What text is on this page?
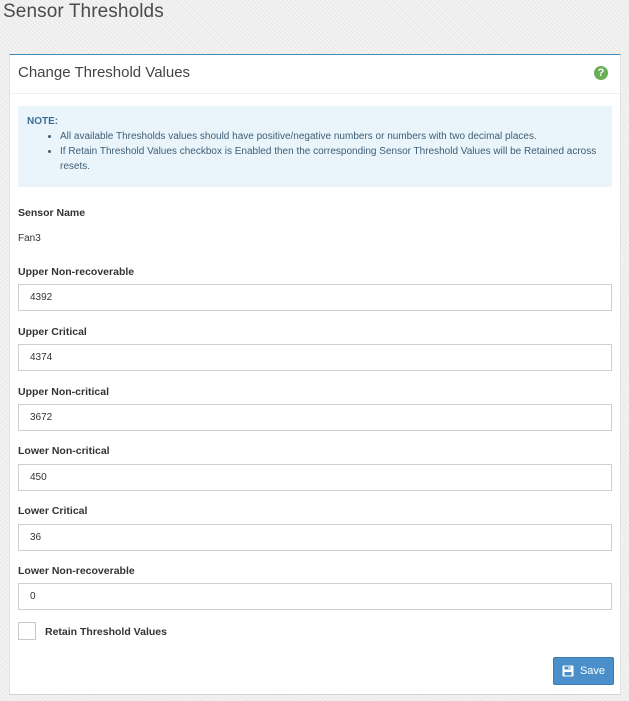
Sensor Thresholds
Change Threshold Values	?
NOTE:
• All available Thresholds values should have positive/negative numbers or numbers with two decimal places.
• If Retain Threshold Values checkbox is Enabled then the corresponding Sensor Threshold Values will be Retained across resets.
Sensor Name
Fan3
Upper Non-recoverable
4392
Upper Critical
4374
Upper Non-critical
3672
Lower Non-critical
450
Lower Critical
36
Lower Non-recoverable
0
Retain Threshold Values
Save
